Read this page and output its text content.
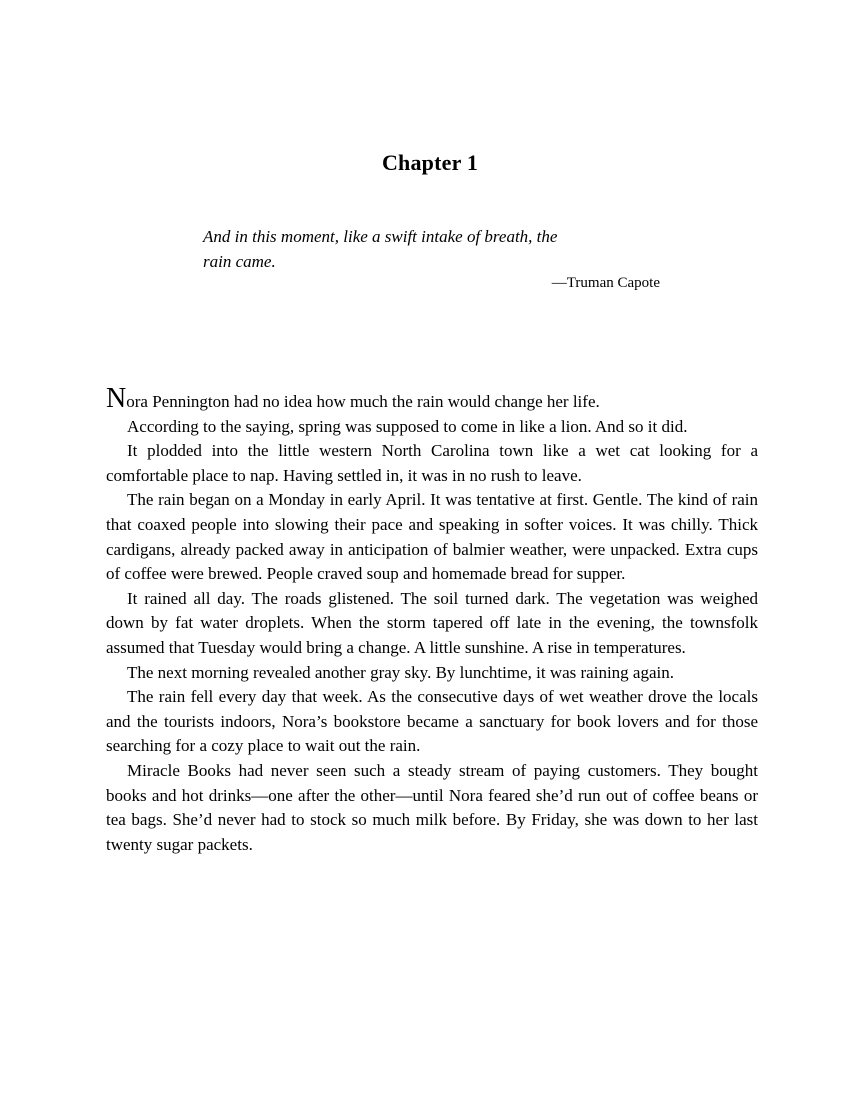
Chapter 1
And in this moment, like a swift intake of breath, the
rain came.
—Truman Capote

Nora Pennington had no idea how much the rain would change her life.

According to the saying, spring was supposed to come in like a lion. And so it did.

It plodded into the little western North Carolina town like a wet cat looking for a comfortable place to nap. Having settled in, it was in no rush to leave.

The rain began on a Monday in early April. It was tentative at first. Gentle. The kind of rain that coaxed people into slowing their pace and speaking in softer voices. It was chilly. Thick cardigans, already packed away in anticipation of balmier weather, were unpacked. Extra cups of coffee were brewed. People craved soup and homemade bread for supper.

It rained all day. The roads glistened. The soil turned dark. The vegetation was weighed down by fat water droplets. When the storm tapered off late in the evening, the townsfolk assumed that Tuesday would bring a change. A little sunshine. A rise in temperatures.

The next morning revealed another gray sky. By lunchtime, it was raining again.

The rain fell every day that week. As the consecutive days of wet weather drove the locals and the tourists indoors, Nora’s bookstore became a sanctuary for book lovers and for those searching for a cozy place to wait out the rain.

Miracle Books had never seen such a steady stream of paying customers. They bought books and hot drinks—one after the other—until Nora feared she’d run out of coffee beans or tea bags. She’d never had to stock so much milk before. By Friday, she was down to her last twenty sugar packets.
